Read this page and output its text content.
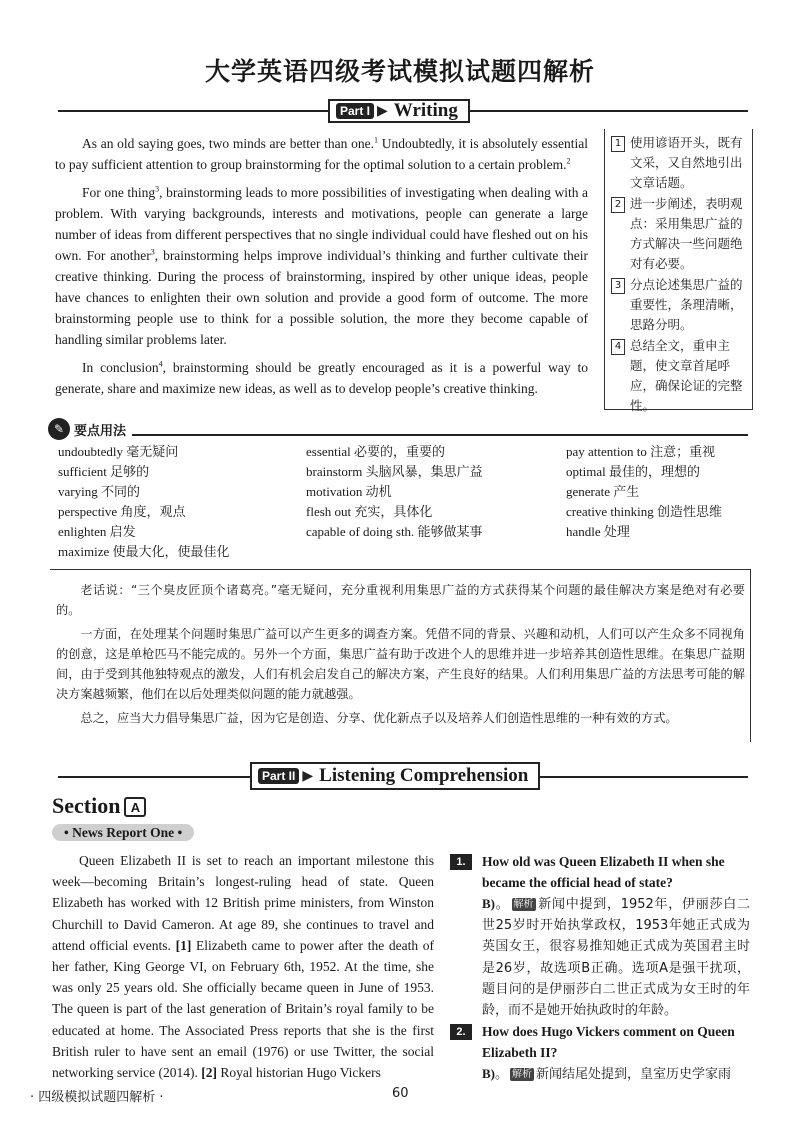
大学英语四级考试模拟试题四解析
Part I ▶ Writing

As an old saying goes, two minds are better than one.$^1$ Undoubtedly, it is absolutely essential to pay sufficient attention to group brainstorming for the optimal solution to a certain problem.$^2$

For one thing$^3$, brainstorming leads to more possibilities of investigating when dealing with a problem. With varying backgrounds, interests and motivations, people can generate a large number of ideas from different perspectives that no single individual could have fleshed out on his own. For another$^3$, brainstorming helps improve individual’s thinking and further cultivate their creative thinking. During the process of brainstorming, inspired by other unique ideas, people have chances to enlighten their own solution and provide a good form of outcome. The more brainstorming people use to think for a possible solution, the more they become capable of handling similar problems later.

In conclusion$^4$, brainstorming should be greatly encouraged as it is a powerful way to generate, share and maximize new ideas, as well as to develop people’s creative thinking.

1 使用谚语开头，既有文采，又自然地引出文章话题。
2 进一步阐述，表明观点：采用集思广益的方式解决一些问题绝对有必要。
3 分点论述集思广益的重要性，条理清晰，思路分明。
4 总结全文，重申主题，使文章首尾呼应，确保论证的完整性。
✎ 要点用法
undoubtedly 毫无疑问
sufficient 足够的
varying 不同的
perspective 角度，观点
enlighten 启发
maximize 使最大化，使最佳化
essential 必要的，重要的
brainstorm 头脑风暴，集思广益
motivation 动机
flesh out 充实，具体化
capable of doing sth. 能够做某事
pay attention to 注意；重视
optimal 最佳的，理想的
generate 产生
creative thinking 创造性思维
handle 处理

老话说：“三个臭皮匠顶个诸葛亮。”毫无疑问，充分重视利用集思广益的方式获得某个问题的最佳解决方案是绝对有必要的。

一方面，在处理某个问题时集思广益可以产生更多的调查方案。凭借不同的背景、兴趣和动机，人们可以产生众多不同视角的创意，这是单枪匹马不能完成的。另外一个方面，集思广益有助于改进个人的思维并进一步培养其创造性思维。在集思广益期间，由于受到其他独特观点的激发，人们有机会启发自己的解决方案，产生良好的结果。人们利用集思广益的方法思考可能的解决方案越频繁，他们在以后处理类似问题的能力就越强。

总之，应当大力倡导集思广益，因为它是创造、分享、优化新点子以及培养人们创造性思维的一种有效的方式。

Part II ▶ Listening Comprehension
Section A
• News Report One •

Queen Elizabeth II is set to reach an important milestone this week—becoming Britain’s longest-ruling head of state. Queen Elizabeth has worked with 12 British prime ministers, from Winston Churchill to David Cameron. At age 89, she continues to travel and attend official events. [1] Elizabeth came to power after the death of her father, King George VI, on February 6th, 1952. At the time, she was only 25 years old. She officially became queen in June of 1953. The queen is part of the last generation of Britain’s royal family to be educated at home. The Associated Press reports that she is the first British ruler to have sent an email (1976) or use Twitter, the social networking service (2014). [2] Royal historian Hugo Vickers

1.	How old was Queen Elizabeth II when she became the official head of state?
B)。 解析 新闻中提到，1952年，伊丽莎白二世25岁时开始执掌政权，1953年她正式成为英国女王，很容易推知她正式成为英国君主时是26岁，故选项B正确。选项A是强干扰项，题目问的是伊丽莎白二世正式成为女王时的年龄，而不是她开始执政时的年龄。
2.	How does Hugo Vickers comment on Queen Elizabeth II?
B)。 解析 新闻结尾处提到，皇室历史学家雨
· 四级模拟试题四解析 ·	60
